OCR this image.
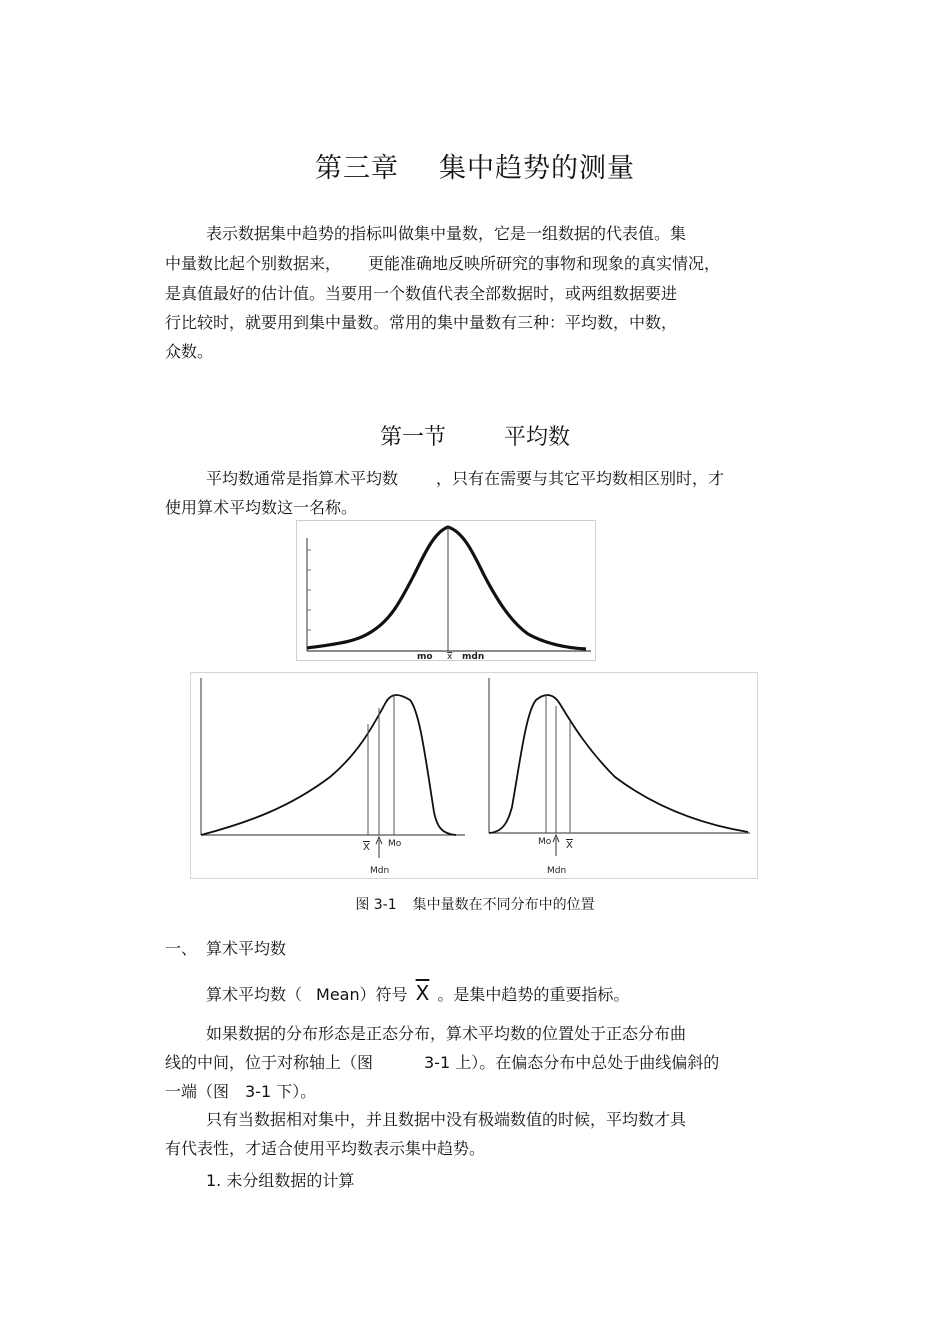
第三章 集中趋势的测量

表示数据集中趋势的指标叫做集中量数，它是一组数据的代表值。集

中量数比起个别数据来， 更能准确地反映所研究的事物和现象的真实情况，

是真值最好的估计值。当要用一个数值代表全部数据时，或两组数据要进

行比较时，就要用到集中量数。常用的集中量数有三种：平均数，中数，

众数。

第一节	平均数

平均数通常是指算术平均数 ，只有在需要与其它平均数相区别时，才

使用算术平均数这一名称。

mo x mdn
X Mo
Mdn
Mo X
Mdn
图 3-1 集中量数在不同分布中的位置

一、 算术平均数

算术平均数（ Mean）符号 $\overline{X}$ 。是集中趋势的重要指标。

如果数据的分布形态是正态分布，算术平均数的位置处于正态分布曲

线的中间，位于对称轴上（图	3-1 上）。在偏态分布中总处于曲线偏斜的

一端（图 3-1 下）。

只有当数据相对集中，并且数据中没有极端数值的时候，平均数才具

有代表性，才适合使用平均数表示集中趋势。

1. 未分组数据的计算
